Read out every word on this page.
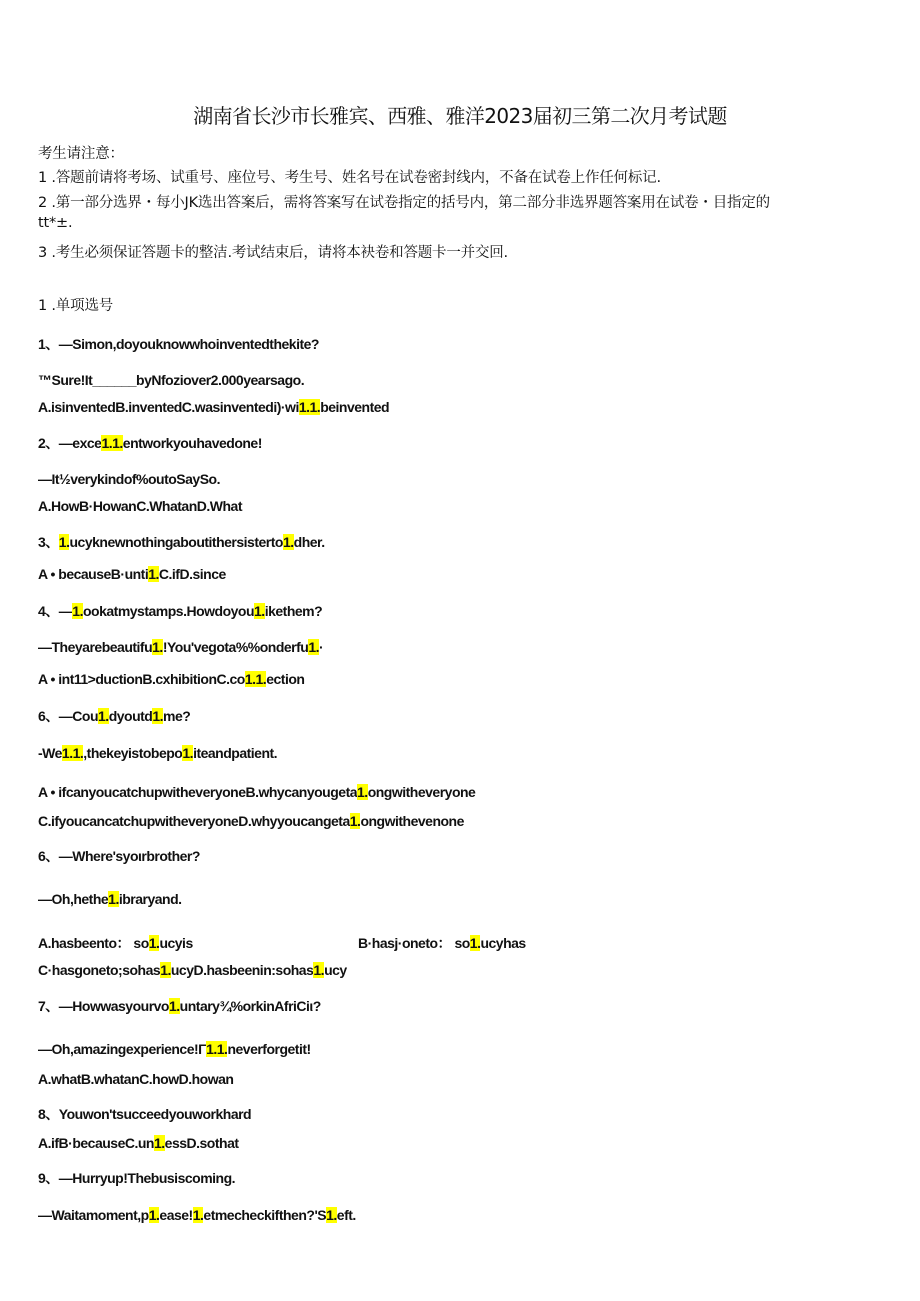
湖南省长沙市长雅宾、西雅、雅洋2023届初三第二次月考试题
考生请注意：
1 .答题前请将考场、试重号、座位号、考生号、姓名号在试卷密封线内，不备在试卷上作任何标记.
2 .第一部分选界・每小JK选出答案后，需将答案写在试卷指定的括号内，第二部分非选界题答案用在试卷・目指定的
tt*±.
3 .考生必须保证答题卡的整洁.考试结束后，请将本袂卷和答题卡一并交回.
1 .单项选号
1、—Simon,doyouknowwhoinventedthekite?
™Sure!It______byNfoziover2.000yearsago.
A.isinventedB.inventedC.wasinventedi)·wi1.1.beinvented
2、—exce1.1.entworkyouhavedone!
—It½verykindof%outoSaySo.
A.HowB·HowanC.WhatanD.What
3、1.ucyknewnothingaboutithersisterto1.dher.
A • becauseB·unti1.C.ifD.since
4、—1.ookatmystamps.Howdoyou1.ikethem?
—Theyarebeautifu1.!You'vegota%%onderfu1.·
A • int11>ductionB.cxhibitionC.co1.1.ection
6、—Cou1.dyoutd1.me?
-We1.1.,thekeyistobepo1.iteandpatient.
A • ifcanyoucatchupwitheveryoneB.whycanyougeta1.ongwitheveryone
C.ifyoucancatchupwitheveryoneD.whyyoucangeta1.ongwithevenone
6、—Where'syoιrbrother?
—Oh,hethe1.ibraryand.
A.hasbeento： so1.ucyis	B·hasj·oneto： so1.ucyhas
C·hasgoneto;sohas1.ucyD.hasbeenin:sohas1.ucy
7、—Howwasyourvo1.untary¾%orkinAfriCiι?
—Oh,amazingexperience!Γ1.1.neverforgetit!
A.whatB.whatanC.howD.howan
8、Youwon'tsucceedyouworkhard
A.ifB·becauseC.un1.essD.sothat
9、—Hurryup!Thebusiscoming.
—Waitamoment,p1.ease!1.etmecheckifthen?'S1.eft.
